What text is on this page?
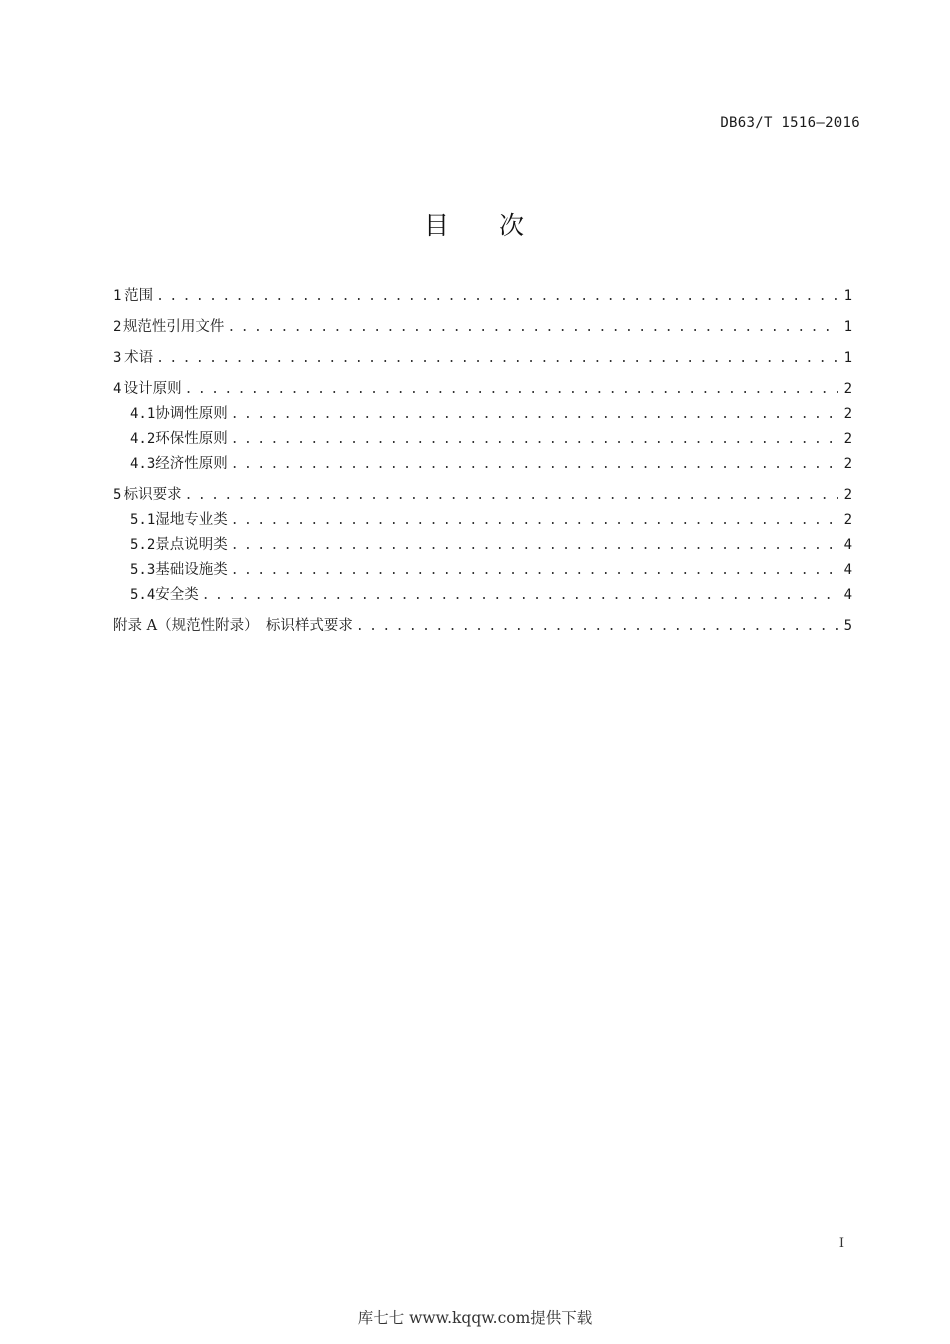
DB63/T 1516—2016
目 次
1 范围 . . .	1
2 规范性引用文件 . . .	1
3 术语 . . .	1
4 设计原则 . . .	2
4.1 协调性原则 . . .	2
4.2 环保性原则 . . .	2
4.3 经济性原则 . . .	2
5 标识要求 . . .	2
5.1 湿地专业类 . . .	2
5.2 景点说明类 . . .	4
5.3 基础设施类 . . .	4
5.4 安全类 . . .	4
附录 A（规范性附录）　标识样式要求 . . .	5
I
库七七 www.kqqw.com提供下载
